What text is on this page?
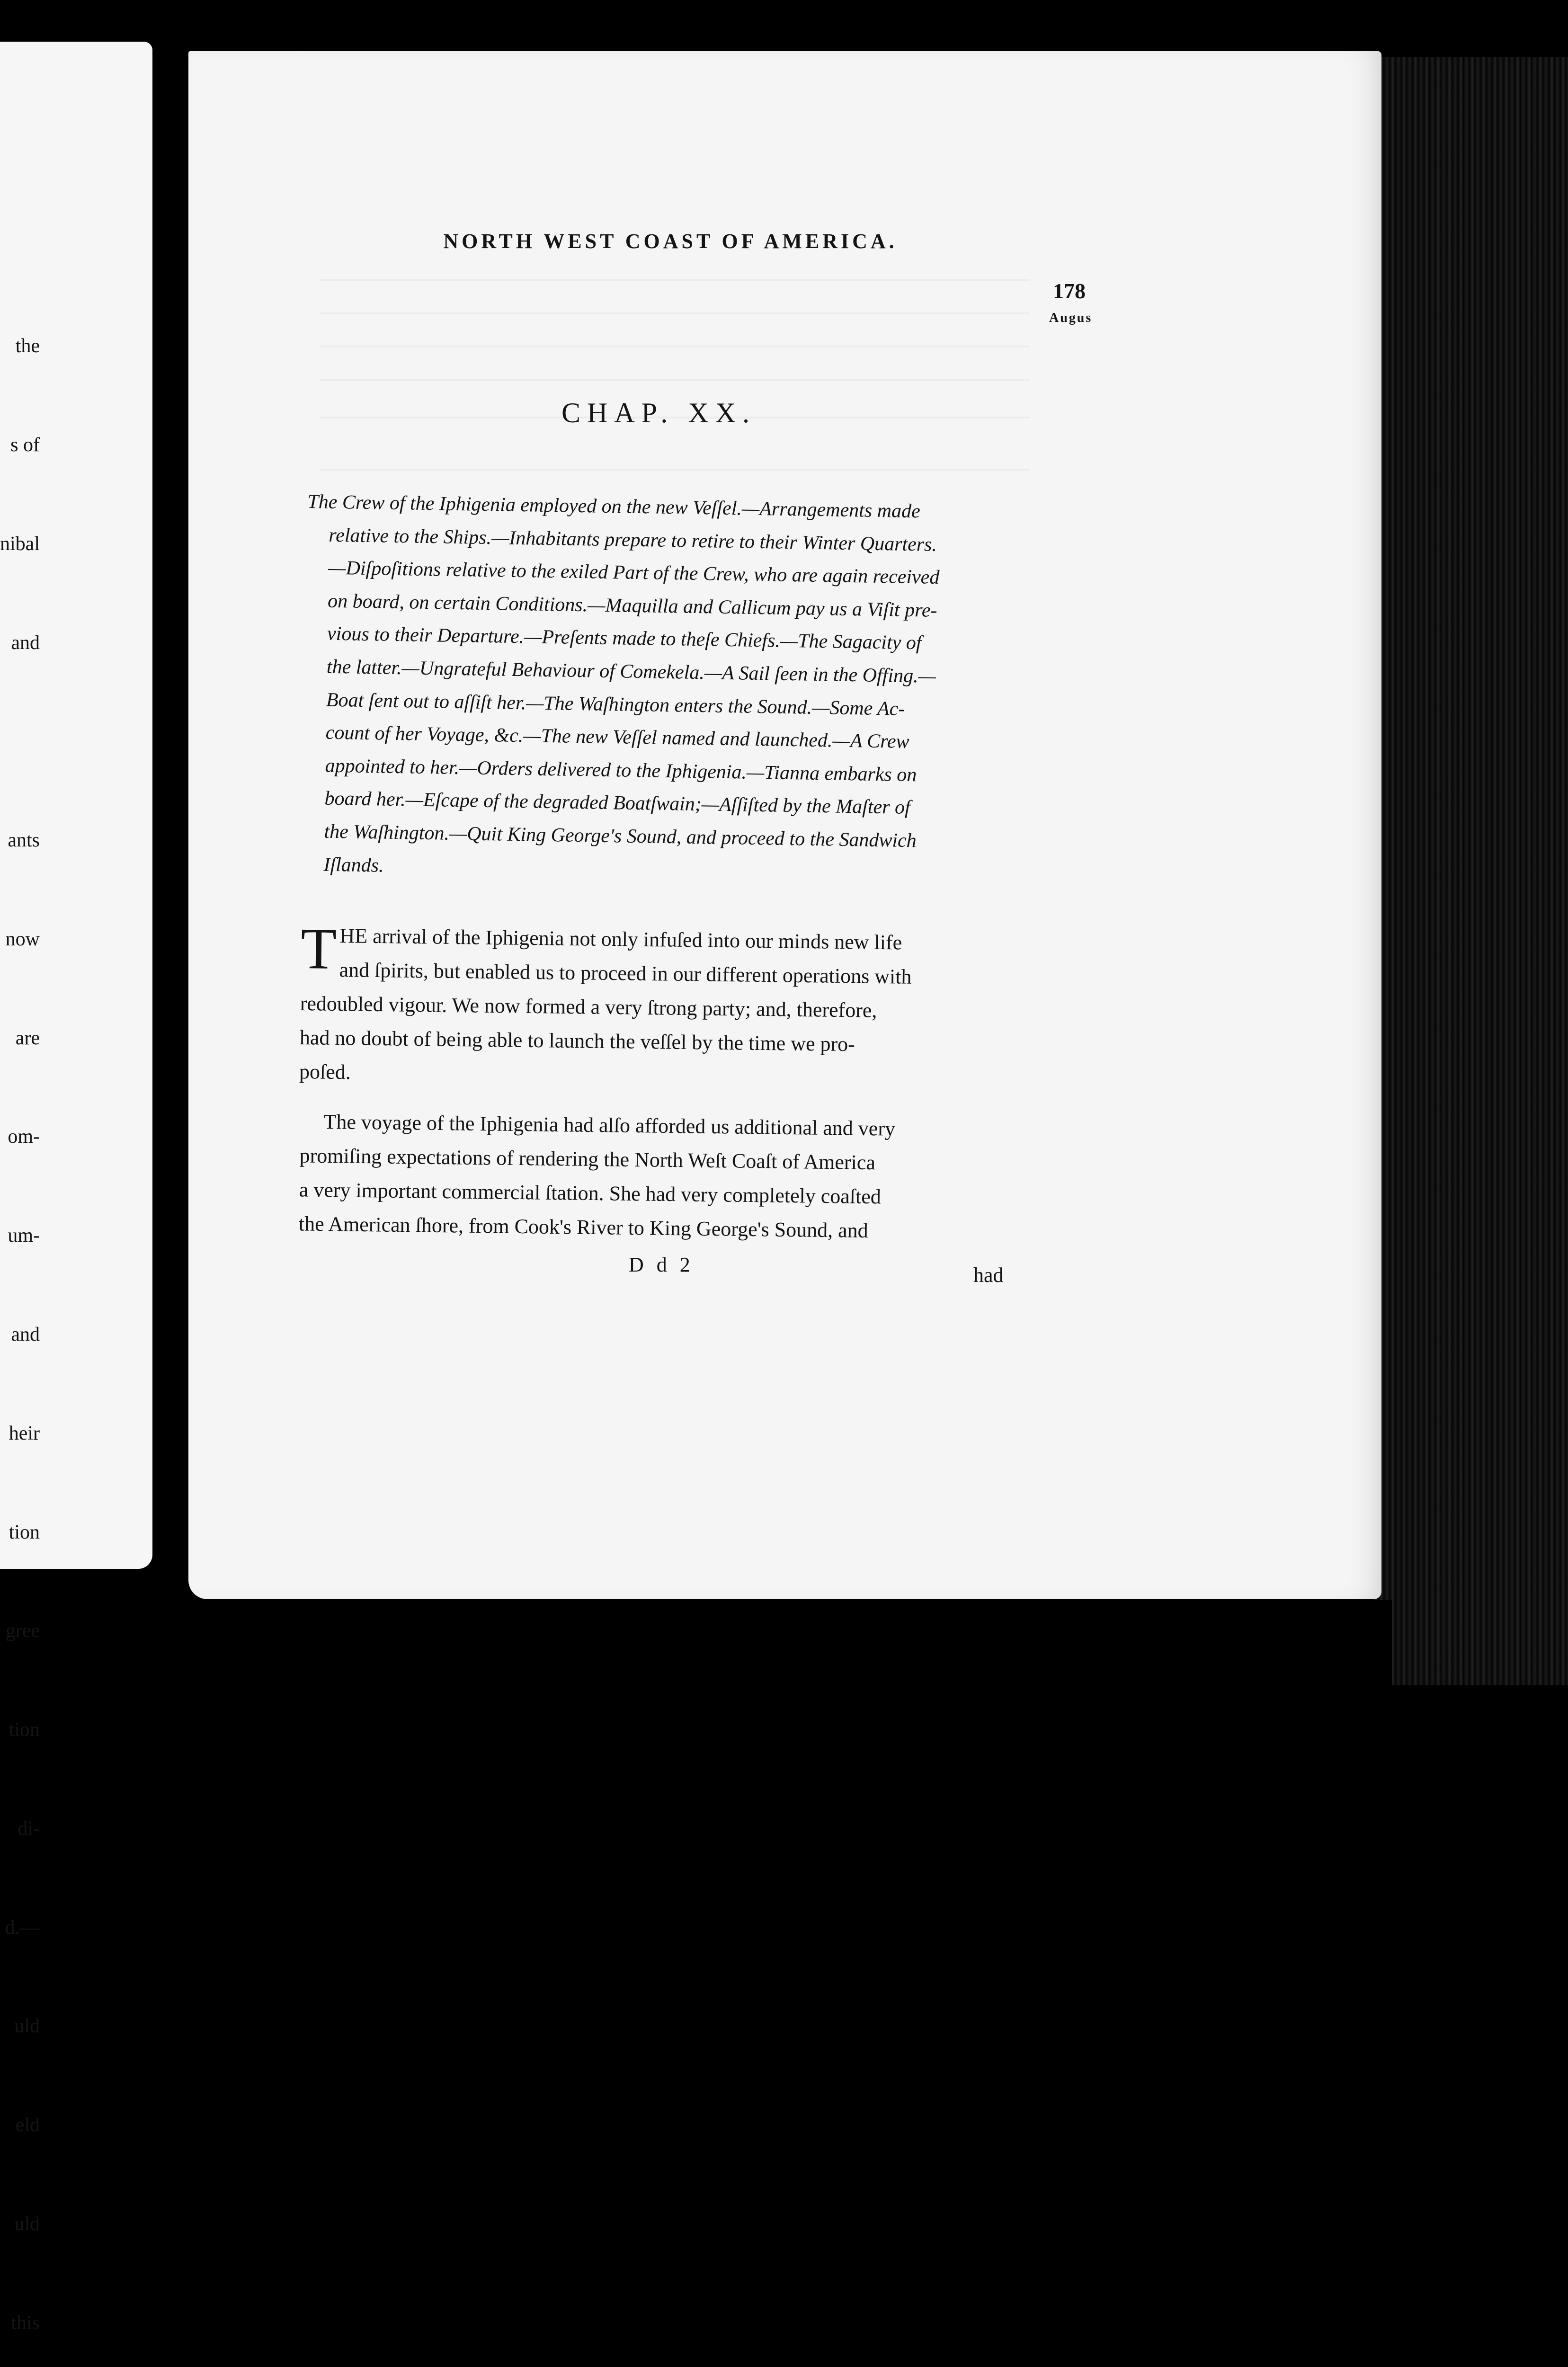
the

s of

nibal

and

ants

now

are

om-

um-

and

heir

tion

gree

tion

di-

d.—

uld

eld

uld

this

NORTH WEST COAST OF AMERICA.
178
Augus
CHAP. XX.
The Crew of the Iphigenia employed on the new Veſſel.—Arrangements made
relative to the Ships.—Inhabitants prepare to retire to their Winter Quarters.
—Diſpoſitions relative to the exiled Part of the Crew, who are again received
on board, on certain Conditions.—Maquilla and Callicum pay us a Viſit pre-
vious to their Departure.—Preſents made to theſe Chiefs.—The Sagacity of
the latter.—Ungrateful Behaviour of Comekela.—A Sail ſeen in the Offing.—
Boat ſent out to aſſiſt her.—The Waſhington enters the Sound.—Some Ac-
count of her Voyage, &c.—The new Veſſel named and launched.—A Crew
appointed to her.—Orders delivered to the Iphigenia.—Tianna embarks on
board her.—Eſcape of the degraded Boatſwain;—Aſſiſted by the Maſter of
the Waſhington.—Quit King George's Sound, and proceed to the Sandwich
Iſlands.
T HE arrival of the Iphigenia not only infuſed into our minds new life
and ſpirits, but enabled us to proceed in our different operations with
redoubled vigour. We now formed a very ſtrong party; and, therefore,
had no doubt of being able to launch the veſſel by the time we pro-
poſed.
The voyage of the Iphigenia had alſo afforded us additional and very
promiſing expectations of rendering the North Weſt Coaſt of America
a very important commercial ſtation. She had very completely coaſted
the American ſhore, from Cook's River to King George's Sound, and
D d 2	had
